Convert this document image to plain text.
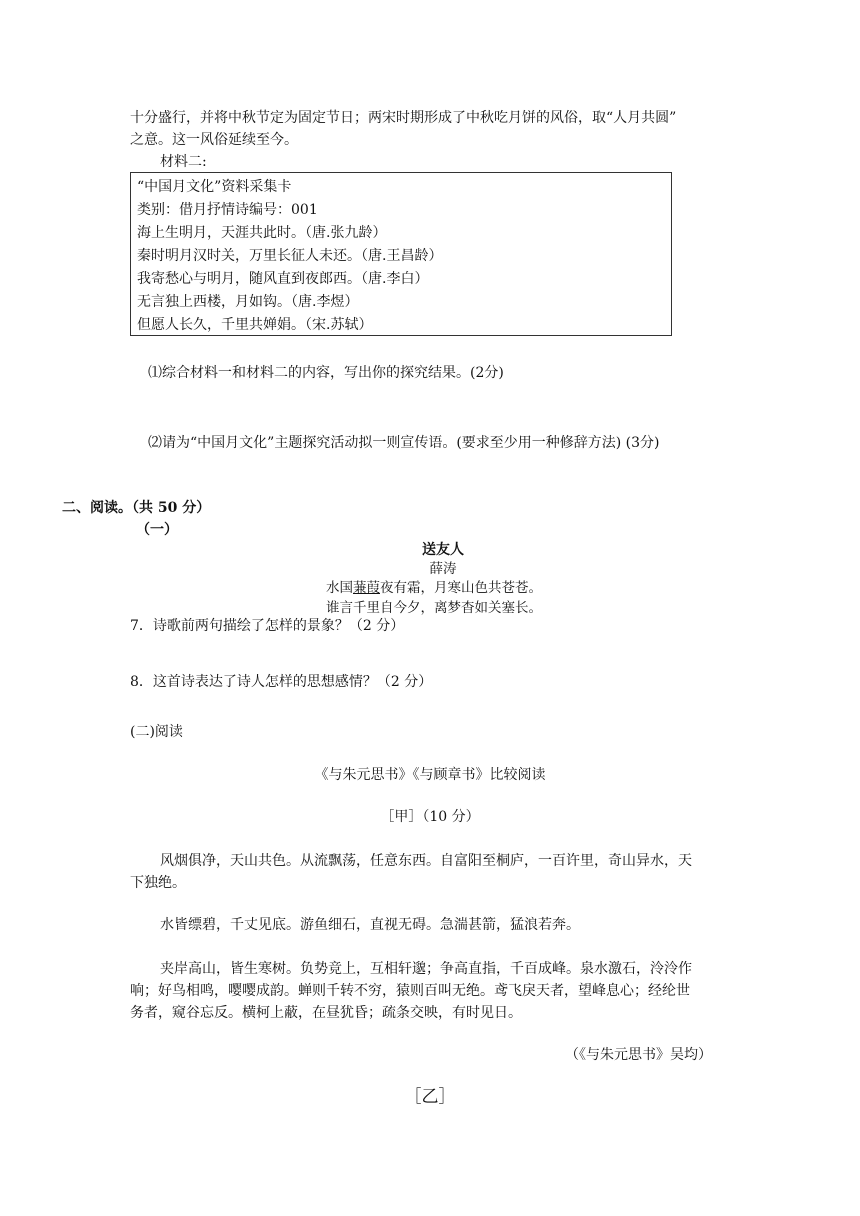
十分盛行，并将中秋节定为固定节日；两宋时期形成了中秋吃月饼的风俗，取“人月共圆”
之意。这一风俗延续至今。
材料二:
“中国月文化”资料采集卡
类别：借月抒情诗编号：001
海上生明月，天涯共此时。（唐.张九龄）
秦时明月汉时关，万里长征人未还。（唐.王昌龄）
我寄愁心与明月，随风直到夜郎西。（唐.李白）
无言独上西楼，月如钩。（唐.李煜）
但愿人长久，千里共婵娟。（宋.苏轼）
⑴综合材料一和材料二的内容，写出你的探究结果。(2分)
⑵请为“中国月文化”主题探究活动拟一则宣传语。(要求至少用一种修辞方法) (3分)
二、阅读。（共 50 分）
（一）
送友人
薛涛
水国蒹葭夜有霜，月寒山色共苍苍。
谁言千里自今夕，离梦杳如关塞长。
7．诗歌前两句描绘了怎样的景象？（2 分）
8．这首诗表达了诗人怎样的思想感情？（2 分）
(二)阅读
《与朱元思书》《与顾章书》比较阅读
［甲］（10 分）
风烟俱净，天山共色。从流飘荡，任意东西。自富阳至桐庐，一百许里，奇山异水，天
下独绝。
水皆缥碧，千丈见底。游鱼细石，直视无碍。急湍甚箭，猛浪若奔。
夹岸高山，皆生寒树。负势竞上，互相轩邈；争高直指，千百成峰。泉水激石，泠泠作
响；好鸟相鸣，嘤嘤成韵。蝉则千转不穷，猿则百叫无绝。鸢飞戾天者，望峰息心；经纶世
务者，窥谷忘反。横柯上蔽，在昼犹昏；疏条交映，有时见日。
（《与朱元思书》吴均）
［乙］
